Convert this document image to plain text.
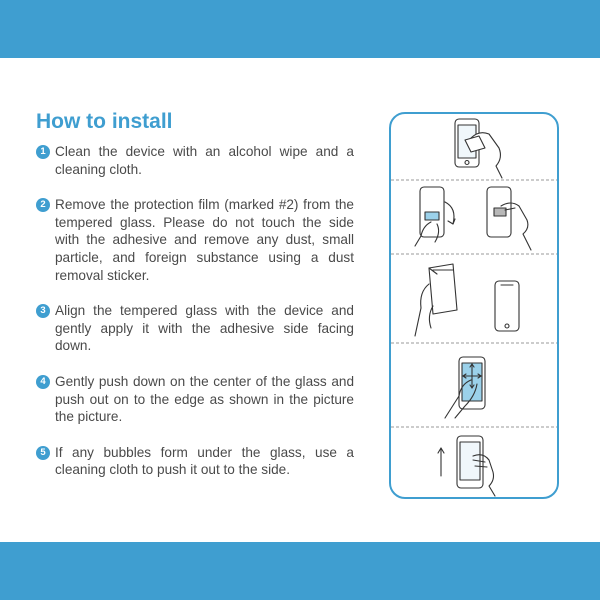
How to install
1 Clean the device with an alcohol wipe and a cleaning cloth.
2 Remove the protection film (marked #2) from the tempered glass. Please do not touch the side with the adhesive and remove any dust, small particle, and foreign substance using a dust removal sticker.
3 Align the tempered glass with the device and gently apply it with the adhesive side facing down.
4 Gently push down on the center of the glass and push out on to the edge as shown in the picture the picture.
5 If any bubbles form under the glass, use a cleaning cloth to push it out to the side.
